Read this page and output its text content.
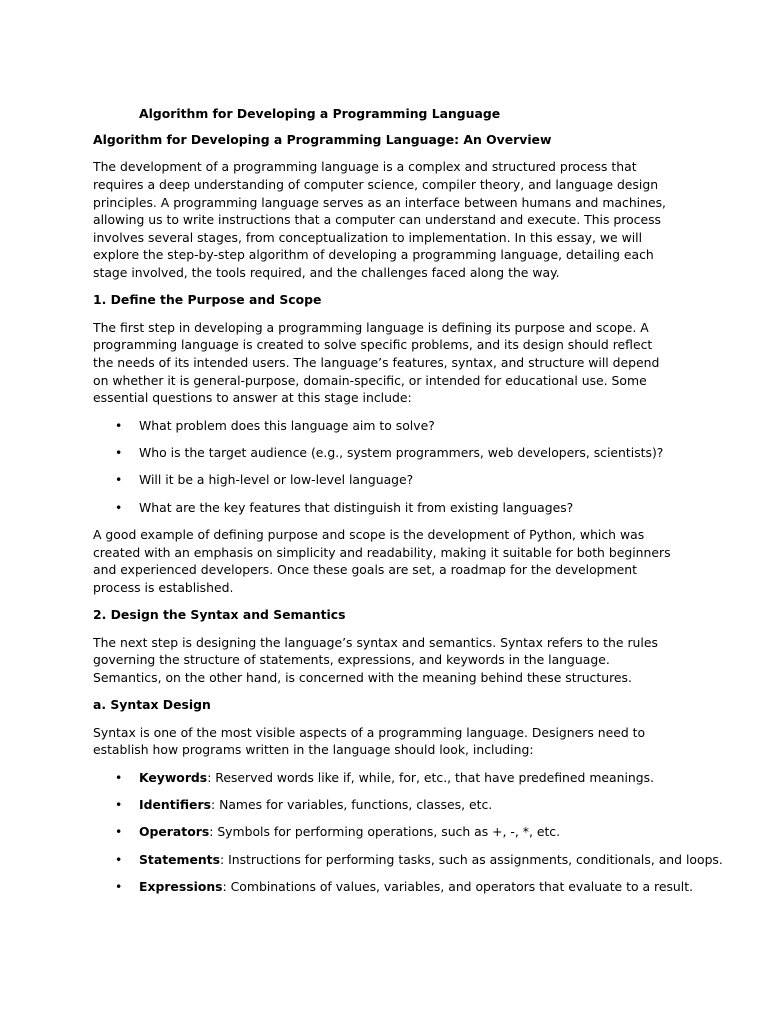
Algorithm for Developing a Programming Language
Algorithm for Developing a Programming Language: An Overview

The development of a programming language is a complex and structured process that requires a deep understanding of computer science, compiler theory, and language design principles. A programming language serves as an interface between humans and machines, allowing us to write instructions that a computer can understand and execute. This process involves several stages, from conceptualization to implementation. In this essay, we will explore the step-by-step algorithm of developing a programming language, detailing each stage involved, the tools required, and the challenges faced along the way.

1. Define the Purpose and Scope

The first step in developing a programming language is defining its purpose and scope. A programming language is created to solve specific problems, and its design should reflect the needs of its intended users. The language’s features, syntax, and structure will depend on whether it is general-purpose, domain-specific, or intended for educational use. Some essential questions to answer at this stage include:

• What problem does this language aim to solve?
• Who is the target audience (e.g., system programmers, web developers, scientists)?
• Will it be a high-level or low-level language?
• What are the key features that distinguish it from existing languages?

A good example of defining purpose and scope is the development of Python, which was created with an emphasis on simplicity and readability, making it suitable for both beginners and experienced developers. Once these goals are set, a roadmap for the development process is established.

2. Design the Syntax and Semantics

The next step is designing the language’s syntax and semantics. Syntax refers to the rules governing the structure of statements, expressions, and keywords in the language. Semantics, on the other hand, is concerned with the meaning behind these structures.

a. Syntax Design

Syntax is one of the most visible aspects of a programming language. Designers need to establish how programs written in the language should look, including:

• Keywords: Reserved words like if, while, for, etc., that have predefined meanings.
• Identifiers: Names for variables, functions, classes, etc.
• Operators: Symbols for performing operations, such as +, -, *, etc.
• Statements: Instructions for performing tasks, such as assignments, conditionals, and loops.
• Expressions: Combinations of values, variables, and operators that evaluate to a result.
